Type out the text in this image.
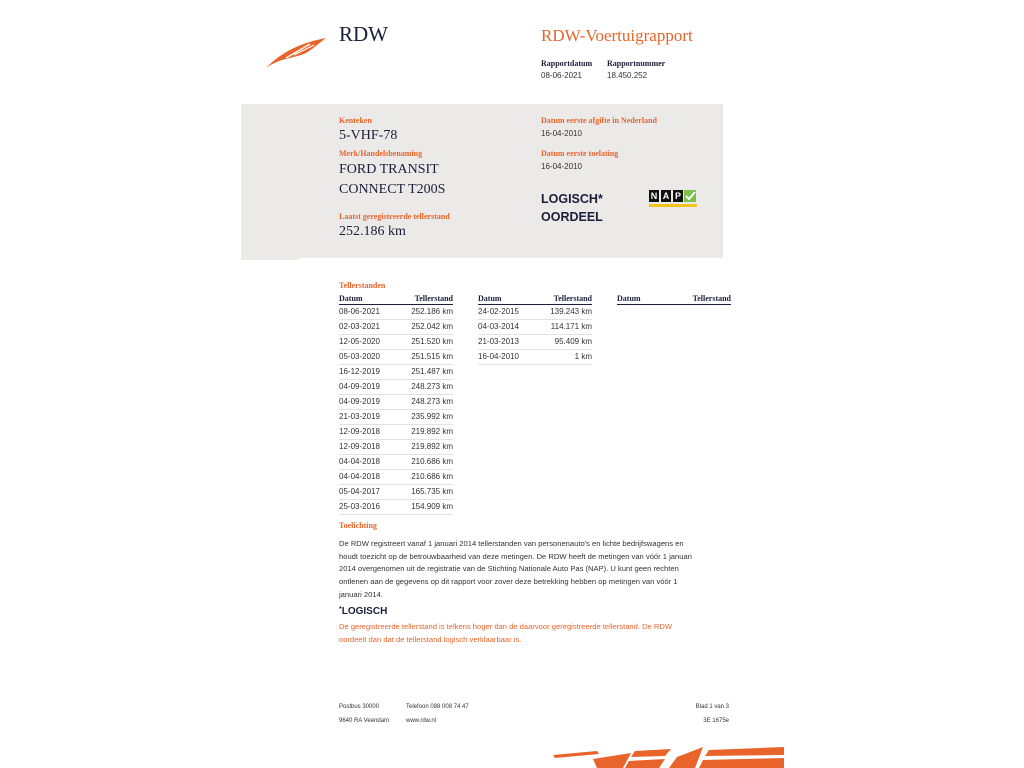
RDW	RDW-Voertuigrapport
Rapportdatum
08-06-2021
Rapportnummer
18.450.252
Kenteken
5-VHF-78
Merk/Handelsbenaming
FORD TRANSIT
CONNECT T200S
Laatst geregistreerde tellerstand
252.186 km
Datum eerste afgifte in Nederland
16-04-2010
Datum eerste toelating
16-04-2010
LOGISCH*
OORDEEL
N A P
Tellerstanden
Datum	Tellerstand
08-06-2021	252.186 km
02-03-2021	252.042 km
12-05-2020	251.520 km
05-03-2020	251.515 km
16-12-2019	251.487 km
04-09-2019	248.273 km
04-09-2019	248.273 km
21-03-2019	235.992 km
12-09-2018	219.892 km
12-09-2018	219.892 km
04-04-2018	210.686 km
04-04-2018	210.686 km
05-04-2017	165.735 km
25-03-2016	154.909 km
Datum	Tellerstand
24-02-2015	139.243 km
04-03-2014	114.171 km
21-03-2013	95.409 km
16-04-2010	1 km
Datum	Tellerstand
Toelichting
De RDW registreert vanaf 1 januari 2014 tellerstanden van personenauto's en lichte bedrijfswagens en
houdt toezicht op de betrouwbaarheid van deze metingen. De RDW heeft de metingen van vóór 1 januari
2014 overgenomen uit de registratie van de Stichting Nationale Auto Pas (NAP). U kunt geen rechten
ontlenen aan de gegevens op dit rapport voor zover deze betrekking hebben op metingen van vóór 1
januari 2014.
*LOGISCH
De geregistreerde tellerstand is telkens hoger dan de daarvoor geregistreerde tellerstand. De RDW
oordeelt dan dat de tellerstand logisch verklaarbaar is.
Postbus 30000
9640 RA Veendam
Telefoon 088 008 74 47
www.rdw.nl
Blad 1 van 3
3E 1675e
